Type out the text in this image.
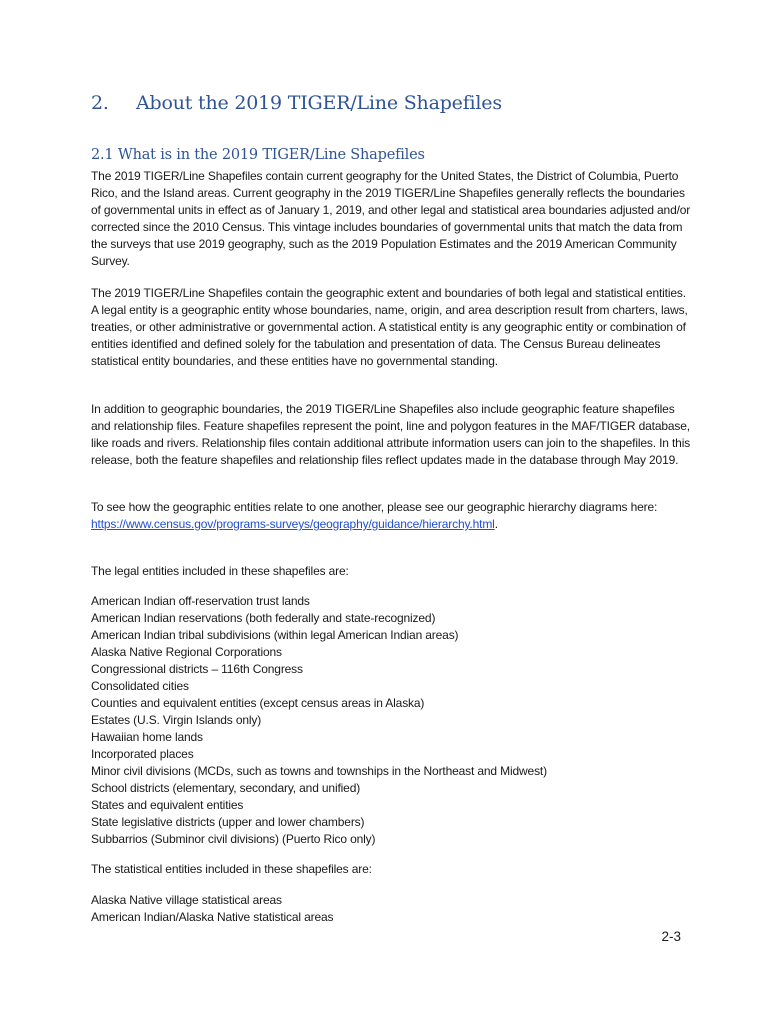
2. About the 2019 TIGER/Line Shapefiles
2.1 What is in the 2019 TIGER/Line Shapefiles

The 2019 TIGER/Line Shapefiles contain current geography for the United States, the District of Columbia, Puerto Rico, and the Island areas. Current geography in the 2019 TIGER/Line Shapefiles generally reflects the boundaries of governmental units in effect as of January 1, 2019, and other legal and statistical area boundaries adjusted and/or corrected since the 2010 Census. This vintage includes boundaries of governmental units that match the data from the surveys that use 2019 geography, such as the 2019 Population Estimates and the 2019 American Community Survey.

The 2019 TIGER/Line Shapefiles contain the geographic extent and boundaries of both legal and statistical entities. A legal entity is a geographic entity whose boundaries, name, origin, and area description result from charters, laws, treaties, or other administrative or governmental action. A statistical entity is any geographic entity or combination of entities identified and defined solely for the tabulation and presentation of data. The Census Bureau delineates statistical entity boundaries, and these entities have no governmental standing.

In addition to geographic boundaries, the 2019 TIGER/Line Shapefiles also include geographic feature shapefiles and relationship files. Feature shapefiles represent the point, line and polygon features in the MAF/TIGER database, like roads and rivers. Relationship files contain additional attribute information users can join to the shapefiles. In this release, both the feature shapefiles and relationship files reflect updates made in the database through May 2019.

To see how the geographic entities relate to one another, please see our geographic hierarchy diagrams here:
https://www.census.gov/programs-surveys/geography/guidance/hierarchy.html.

The legal entities included in these shapefiles are:
American Indian off-reservation trust lands
American Indian reservations (both federally and state-recognized)
American Indian tribal subdivisions (within legal American Indian areas)
Alaska Native Regional Corporations
Congressional districts – 116th Congress
Consolidated cities
Counties and equivalent entities (except census areas in Alaska)
Estates (U.S. Virgin Islands only)
Hawaiian home lands
Incorporated places
Minor civil divisions (MCDs, such as towns and townships in the Northeast and Midwest)
School districts (elementary, secondary, and unified)
States and equivalent entities
State legislative districts (upper and lower chambers)
Subbarrios (Subminor civil divisions) (Puerto Rico only)
The statistical entities included in these shapefiles are:
Alaska Native village statistical areas
American Indian/Alaska Native statistical areas
2-3
